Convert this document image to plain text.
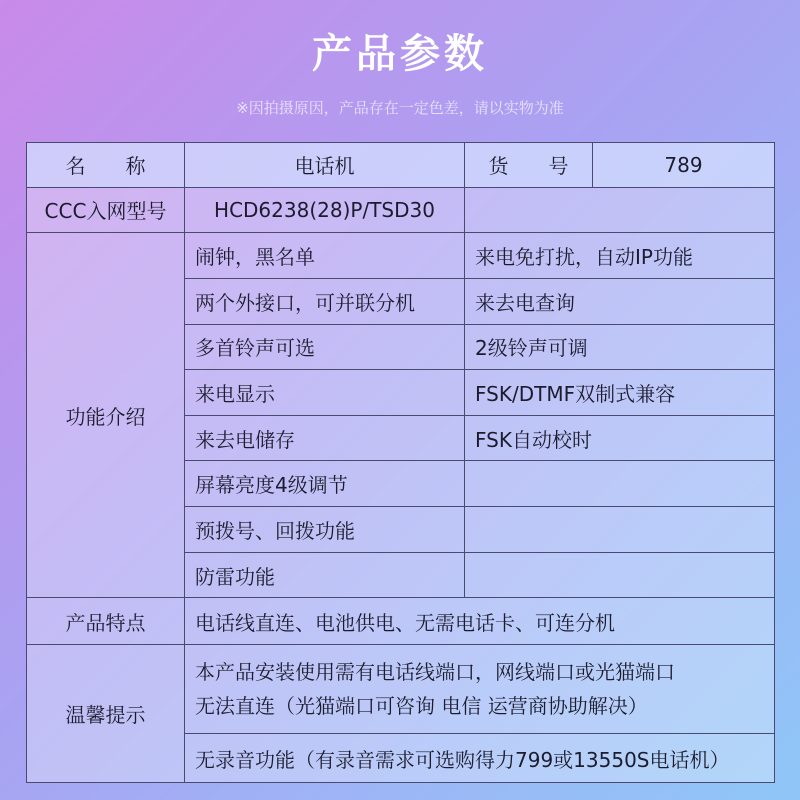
产品参数
※因拍摄原因，产品存在一定色差，请以实物为准
名　　称	电话机	货　　号	789
CCC入网型号	HCD6238(28)P/TSD30		
功能介绍	闹钟，黑名单	来电免打扰，自动IP功能	
	两个外接口，可并联分机	来去电查询	
	多首铃声可选	2级铃声可调	
	来电显示	FSK/DTMF双制式兼容	
	来去电储存	FSK自动校时	
	屏幕亮度4级调节		
	预拨号、回拨功能		
	防雷功能		
产品特点	电话线直连、电池供电、无需电话卡、可连分机		
温馨提示	本产品安装使用需有电话线端口，网线端口或光猫端口
无法直连（光猫端口可咨询 电信 运营商协助解决）		

	无录音功能（有录音需求可选购得力799或13550S电话机）		
